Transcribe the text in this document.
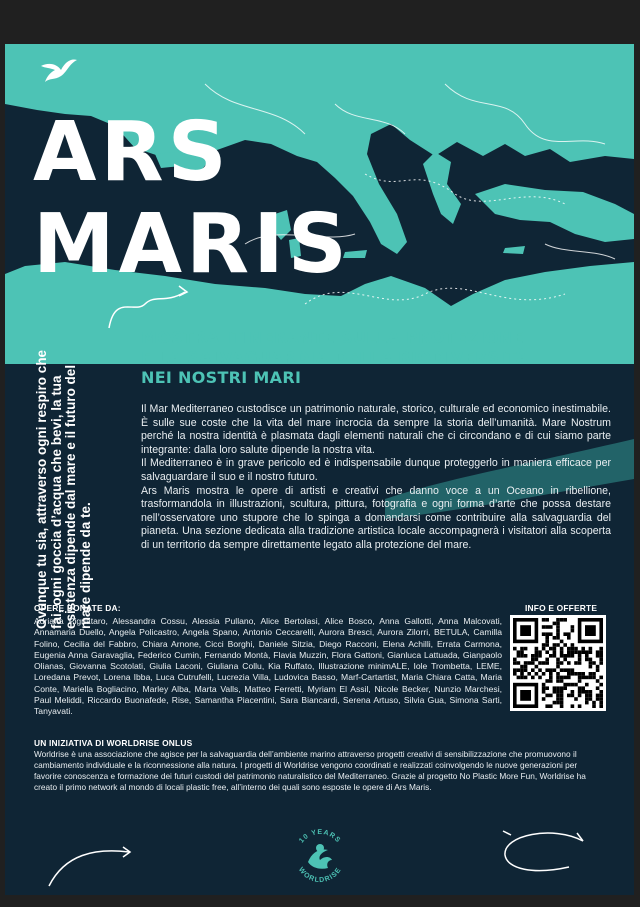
ARS
MARIS
Ovunque tu sia, attraverso ogni respiro che fai, ogni goccia d’acqua che bevi, la tua esistenza dipende dal mare e il futuro del mare dipende da te.
MOSTRA ITINERANTE SULLA PROTEZIONE
E LA SALVAGUARDIA DELLA BIODIVERSITÀ
NEI NOSTRI MARI

Il Mar Mediterraneo custodisce un patrimonio naturale, storico, culturale ed economico inestimabile. È sulle sue coste che la vita del mare incrocia da sempre la storia dell’umanità. Mare Nostrum perché la nostra identità è plasmata dagli elementi naturali che ci circondano e di cui siamo parte integrante: dalla loro salute dipende la nostra vita.

Il Mediterraneo è in grave pericolo ed è indispensabile dunque proteggerlo in maniera efficace per salvaguardare il suo e il nostro futuro.

Ars Maris mostra le opere di artisti e creativi che danno voce a un Oceano in ribellione, trasformandola in illustrazioni, scultura, pittura, fotografia e ogni forma d’arte che possa destare nell’osservatore uno stupore che lo spinga a domandarsi come contribuire alla salvaguardia del pianeta. Una sezione dedicata alla tradizione artistica locale accompagnerà i visitatori alla scoperta di un territorio da sempre direttamente legato alla protezione del mare.

OPERE DONATE DA:
Adriana Pignataro, Alessandra Cossu, Alessia Pullano, Alice Bertolasi, Alice Bosco, Anna Gallotti, Anna Malcovati, Annamaria Duello, Angela Policastro, Angela Spano, Antonio Ceccarelli, Aurora Bresci, Aurora Zilorri, BETULA, Camilla Folino, Cecilia del Fabbro, Chiara Arnone, Cicci Borghi, Daniele Sitzia, Diego Racconi, Elena Achilli, Errata Carmona, Eugenia Anna Garavaglia, Federico Cumin, Fernando Montà, Flavia Muzzin, Flora Gattoni, Gianluca Lattuada, Gianpaolo Olianas, Giovanna Scotolati, Giulia Laconi, Giuliana Collu, Kia Ruffato, Illustrazione minimALE, Iole Trombetta, LEME, Loredana Prevot, Lorena Ibba, Luca Cutrufelli, Lucrezia Villa, Ludovica Basso, Marf-Cartartist, Maria Chiara Catta, Maria Conte, Mariella Bogliacino, Marley Alba, Marta Valls, Matteo Ferretti, Myriam El Assil, Nicole Becker, Nunzio Marchesi, Paul Meliddi, Riccardo Buonafede, Rise, Samantha Piacentini, Sara Biancardi, Serena Artuso, Silvia Gua, Simona Sarti, Tanyavati.
INFO E OFFERTE
UN INIZIATIVA DI WORLDRISE ONLUS
Worldrise è una associazione che agisce per la salvaguardia dell’ambiente marino attraverso progetti creativi di sensibilizzazione che promuovono il cambiamento individuale e la riconnessione alla natura. I progetti di Worldrise vengono coordinati e realizzati coinvolgendo le nuove generazioni per favorire conoscenza e formazione dei futuri custodi del patrimonio naturalistico del Mediterraneo. Grazie al progetto No Plastic More Fun, Worldrise ha creato il primo network al mondo di locali plastic free, all’interno dei quali sono esposte le opere di Ars Maris.
10 YEARS
WORLDRISE
